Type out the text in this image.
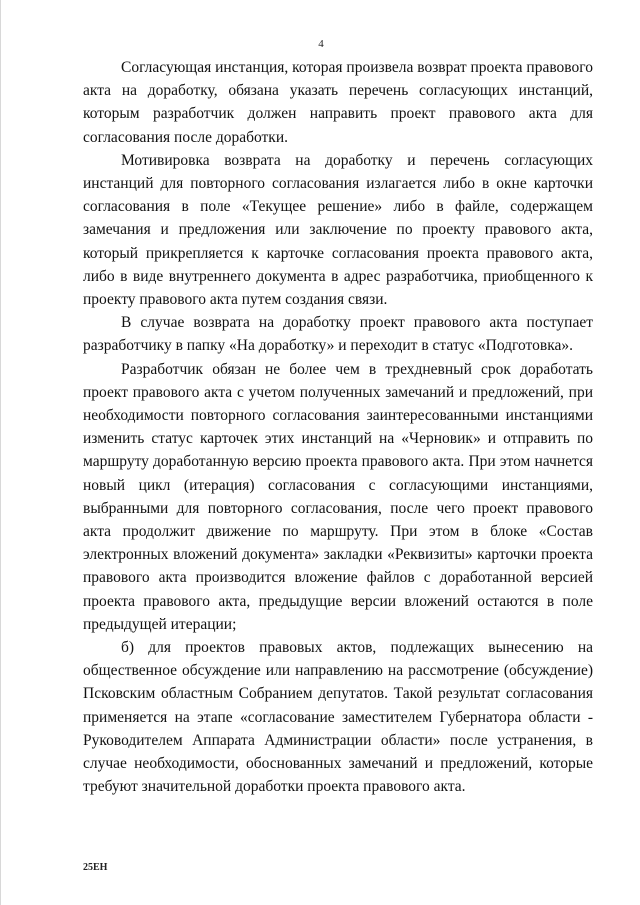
4

Согласующая инстанция, которая произвела возврат проекта правового акта на доработку, обязана указать перечень согласующих инстанций, которым разработчик должен направить проект правового акта для согласования после доработки.

Мотивировка возврата на доработку и перечень согласующих инстанций для повторного согласования излагается либо в окне карточки согласования в поле «Текущее решение» либо в файле, содержащем замечания и предложения или заключение по проекту правового акта, который прикрепляется к карточке согласования проекта правового акта, либо в виде внутреннего документа в адрес разработчика, приобщенного к проекту правового акта путем создания связи.

В случае возврата на доработку проект правового акта поступает разработчику в папку «На доработку» и переходит в статус «Подготовка».

Разработчик обязан не более чем в трехдневный срок доработать проект правового акта с учетом полученных замечаний и предложений, при необходимости повторного согласования заинтересованными инстанциями изменить статус карточек этих инстанций на «Черновик» и отправить по маршруту доработанную версию проекта правового акта. При этом начнется новый цикл (итерация) согласования с согласующими инстанциями, выбранными для повторного согласования, после чего проект правового акта продолжит движение по маршруту. При этом в блоке «Состав электронных вложений документа» закладки «Реквизиты» карточки проекта правового акта производится вложение файлов с доработанной версией проекта правового акта, предыдущие версии вложений остаются в поле предыдущей итерации;

б) для проектов правовых актов, подлежащих вынесению на общественное обсуждение или направлению на рассмотрение (обсуждение) Псковским областным Собранием депутатов. Такой результат согласования применяется на этапе «согласование заместителем Губернатора области - Руководителем Аппарата Администрации области» после устранения, в случае необходимости, обоснованных замечаний и предложений, которые требуют значительной доработки проекта правового акта.

25ЕН
